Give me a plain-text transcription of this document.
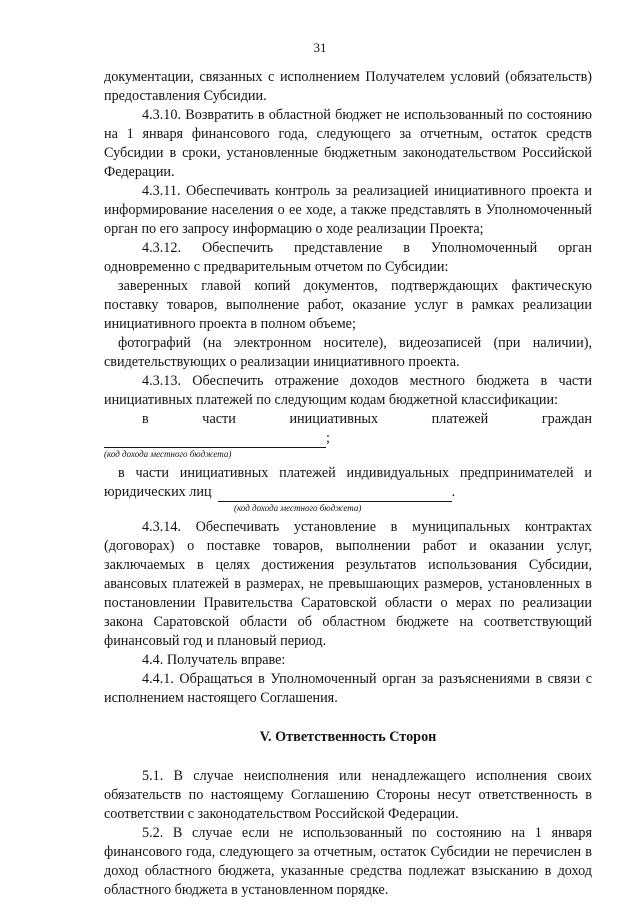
31

документации, связанных с исполнением Получателем условий (обязательств) предоставления Субсидии.

4.3.10. Возвратить в областной бюджет не использованный по состоянию на 1 января финансового года, следующего за отчетным, остаток средств Субсидии в сроки, установленные бюджетным законодательством Российской Федерации.

4.3.11. Обеспечивать контроль за реализацией инициативного проекта и информирование населения о ее ходе, а также представлять в Уполномоченный орган по его запросу информацию о ходе реализации Проекта;

4.3.12. Обеспечить представление в Уполномоченный орган одновременно с предварительным отчетом по Субсидии:

заверенных главой копий документов, подтверждающих фактическую поставку товаров, выполнение работ, оказание услуг в рамках реализации инициативного проекта в полном объеме;

фотографий (на электронном носителе), видеозаписей (при наличии), свидетельствующих о реализации инициативного проекта.

4.3.13. Обеспечить отражение доходов местного бюджета в части инициативных платежей по следующим кодам бюджетной классификации:

в части инициативных платежей граждан

;
(код дохода местного бюджета)

в части инициативных платежей индивидуальных предпринимателей и

юридических лиц	.
(код дохода местного бюджета)

4.3.14. Обеспечивать установление в муниципальных контрактах (договорах) о поставке товаров, выполнении работ и оказании услуг, заключаемых в целях достижения результатов использования Субсидии, авансовых платежей в размерах, не превышающих размеров, установленных в постановлении Правительства Саратовской области о мерах по реализации закона Саратовской области об областном бюджете на соответствующий финансовый год и плановый период.

4.4. Получатель вправе:

4.4.1. Обращаться в Уполномоченный орган за разъяснениями в связи с исполнением настоящего Соглашения.

V. Ответственность Сторон

5.1. В случае неисполнения или ненадлежащего исполнения своих обязательств по настоящему Соглашению Стороны несут ответственность в соответствии с законодательством Российской Федерации.

5.2. В случае если не использованный по состоянию на 1 января финансового года, следующего за отчетным, остаток Субсидии не перечислен в доход областного бюджета, указанные средства подлежат взысканию в доход областного бюджета в установленном порядке.
